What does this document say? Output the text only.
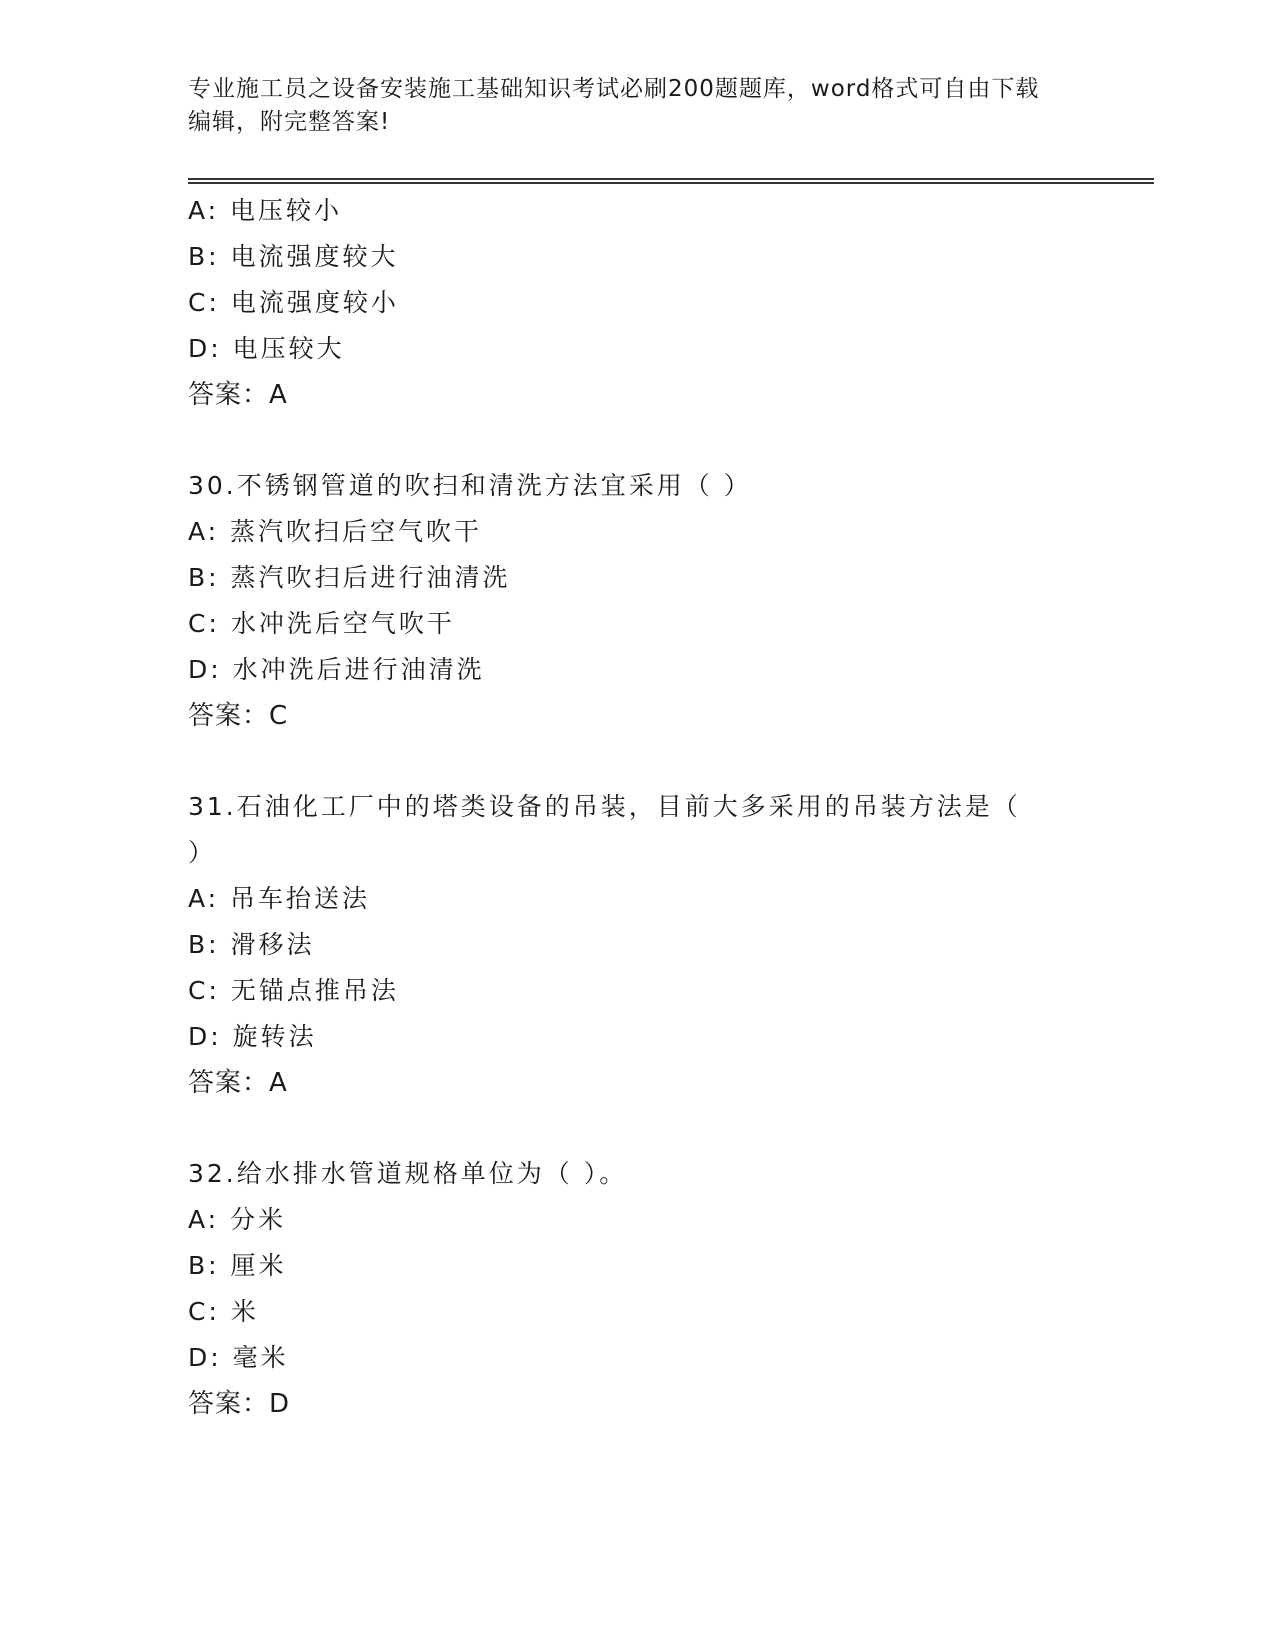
专业施工员之设备安装施工基础知识考试必刷200题题库，word格式可自由下载
编辑，附完整答案!
A: 电压较小
B: 电流强度较大
C: 电流强度较小
D: 电压较大
答案：A
30.不锈钢管道的吹扫和清洗方法宜采用（ ）
A: 蒸汽吹扫后空气吹干
B: 蒸汽吹扫后进行油清洗
C: 水冲洗后空气吹干
D: 水冲洗后进行油清洗
答案：C
31.石油化工厂中的塔类设备的吊装，目前大多采用的吊装方法是（
）
A: 吊车抬送法
B: 滑移法
C: 无锚点推吊法
D: 旋转法
答案：A
32.给水排水管道规格单位为（ ）。
A: 分米
B: 厘米
C: 米
D: 毫米
答案：D
